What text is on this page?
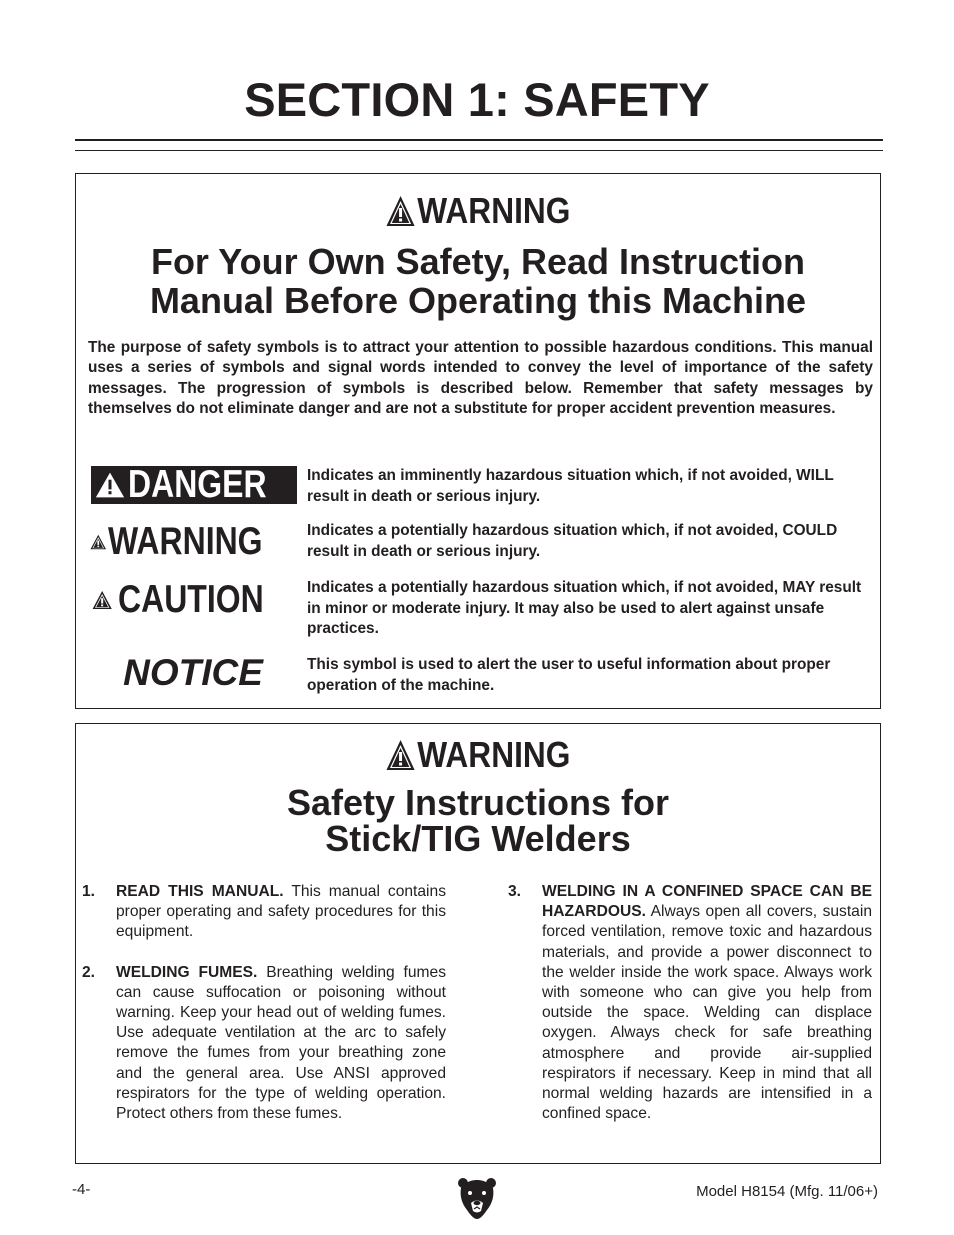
SECTION 1: SAFETY
WARNING
For Your Own Safety, Read Instruction
Manual Before Operating this Machine
The purpose of safety symbols is to attract your attention to possible hazardous conditions. This manual uses a series of symbols and signal words intended to convey the level of importance of the safety messages. The progression of symbols is described below. Remember that safety messages by themselves do not eliminate danger and are not a substitute for proper accident prevention measures.
DANGER	Indicates an imminently hazardous situation which, if not avoided, WILL result in death or serious injury.
WARNING	Indicates a potentially hazardous situation which, if not avoided, COULD result in death or serious injury.
CAUTION	Indicates a potentially hazardous situation which, if not avoided, MAY result in minor or moderate injury. It may also be used to alert against unsafe practices.
NOTICE	This symbol is used to alert the user to useful information about proper operation of the machine.
WARNING
Safety Instructions for
Stick/TIG Welders
1. READ THIS MANUAL. This manual contains proper operating and safety procedures for this equipment.
2. WELDING FUMES. Breathing welding fumes can cause suffocation or poisoning without warning. Keep your head out of welding fumes. Use adequate ventilation at the arc to safely remove the fumes from your breathing zone and the general area. Use ANSI approved respirators for the type of welding operation. Protect others from these fumes.
3. WELDING IN A CONFINED SPACE CAN BE HAZARDOUS. Always open all covers, sustain forced ventilation, remove toxic and hazardous materials, and provide a power disconnect to the welder inside the work space. Always work with someone who can give you help from outside the space. Welding can displace oxygen. Always check for safe breathing atmosphere and provide air-supplied respirators if necessary. Keep in mind that all normal welding hazards are intensified in a confined space.
-4-	Model H8154 (Mfg. 11/06+)
